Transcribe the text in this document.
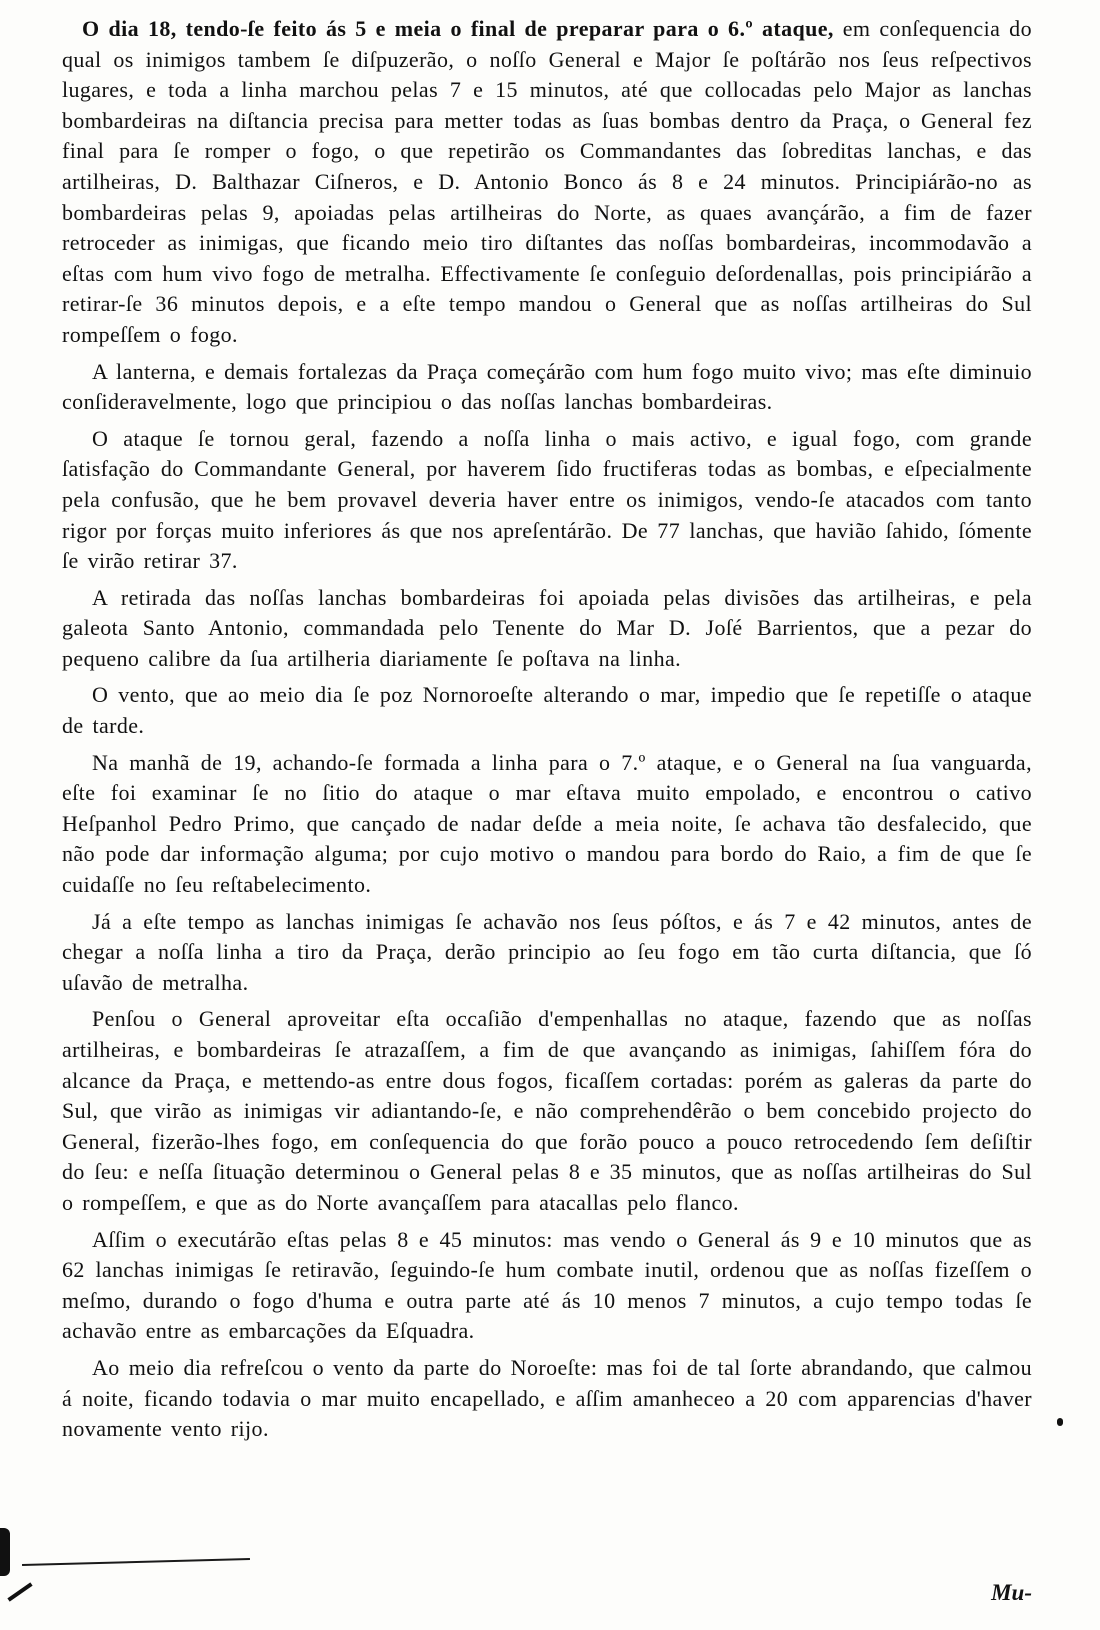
O dia 18, tendo-ſe feito ás 5 e meia o final de preparar para o 6.º ataque, em conſequencia do qual os inimigos tambem ſe diſpuzerão, o noſſo General e Major ſe poſtárão nos ſeus reſpectivos lugares, e toda a linha marchou pelas 7 e 15 minutos, até que collocadas pelo Major as lanchas bombardeiras na diſtancia precisa para metter todas as ſuas bombas dentro da Praça, o General fez final para ſe romper o fogo, o que repetirão os Commandantes das ſobreditas lanchas, e das artilheiras, D. Balthazar Ciſneros, e D. Antonio Bonco ás 8 e 24 minutos. Principiárão-no as bombardeiras pelas 9, apoiadas pelas artilheiras do Norte, as quaes avançárão, a fim de fazer retroceder as inimigas, que ficando meio tiro diſtantes das noſſas bombardeiras, incommodavão a eſtas com hum vivo fogo de metralha. Effectivamente ſe conſeguio deſordenallas, pois principiárão a retirar-ſe 36 minutos depois, e a eſte tempo mandou o General que as noſſas artilheiras do Sul rompeſſem o fogo.

A lanterna, e demais fortalezas da Praça começárão com hum fogo muito vivo; mas eſte diminuio conſideravelmente, logo que principiou o das noſſas lanchas bombardeiras.

O ataque ſe tornou geral, fazendo a noſſa linha o mais activo, e igual fogo, com grande ſatisfação do Commandante General, por haverem ſido fructiferas todas as bombas, e eſpecialmente pela confusão, que he bem provavel deveria haver entre os inimigos, vendo-ſe atacados com tanto rigor por forças muito inferiores ás que nos apreſentárão. De 77 lanchas, que havião ſahido, ſómente ſe virão retirar 37.

A retirada das noſſas lanchas bombardeiras foi apoiada pelas divisões das artilheiras, e pela galeota Santo Antonio, commandada pelo Tenente do Mar D. Joſé Barrientos, que a pezar do pequeno calibre da ſua artilheria diariamente ſe poſtava na linha.

O vento, que ao meio dia ſe poz Nornoroeſte alterando o mar, impedio que ſe repetiſſe o ataque de tarde.

Na manhã de 19, achando-ſe formada a linha para o 7.º ataque, e o General na ſua vanguarda, eſte foi examinar ſe no ſitio do ataque o mar eſtava muito empolado, e encontrou o cativo Heſpanhol Pedro Primo, que cançado de nadar deſde a meia noite, ſe achava tão desfalecido, que não pode dar informação alguma; por cujo motivo o mandou para bordo do Raio, a fim de que ſe cuidaſſe no ſeu reſtabelecimento.

Já a eſte tempo as lanchas inimigas ſe achavão nos ſeus póſtos, e ás 7 e 42 minutos, antes de chegar a noſſa linha a tiro da Praça, derão principio ao ſeu fogo em tão curta diſtancia, que ſó uſavão de metralha.

Penſou o General aproveitar eſta occaſião d'empenhallas no ataque, fazendo que as noſſas artilheiras, e bombardeiras ſe atrazaſſem, a fim de que avançando as inimigas, ſahiſſem fóra do alcance da Praça, e mettendo-as entre dous fogos, ficaſſem cortadas: porém as galeras da parte do Sul, que virão as inimigas vir adiantando-ſe, e não comprehendêrão o bem concebido projecto do General, fizerão-lhes fogo, em conſequencia do que forão pouco a pouco retrocedendo ſem deſiſtir do ſeu: e neſſa ſituação determinou o General pelas 8 e 35 minutos, que as noſſas artilheiras do Sul o rompeſſem, e que as do Norte avançaſſem para atacallas pelo flanco.

Aſſim o executárão eſtas pelas 8 e 45 minutos: mas vendo o General ás 9 e 10 minutos que as 62 lanchas inimigas ſe retiravão, ſeguindo-ſe hum combate inutil, ordenou que as noſſas fizeſſem o meſmo, durando o fogo d'huma e outra parte até ás 10 menos 7 minutos, a cujo tempo todas ſe achavão entre as embarcações da Eſquadra.

Ao meio dia refreſcou o vento da parte do Noroeſte: mas foi de tal ſorte abrandando, que calmou á noite, ficando todavia o mar muito encapellado, e aſſim amanheceo a 20 com apparencias d'haver novamente vento rijo.

Mu-
